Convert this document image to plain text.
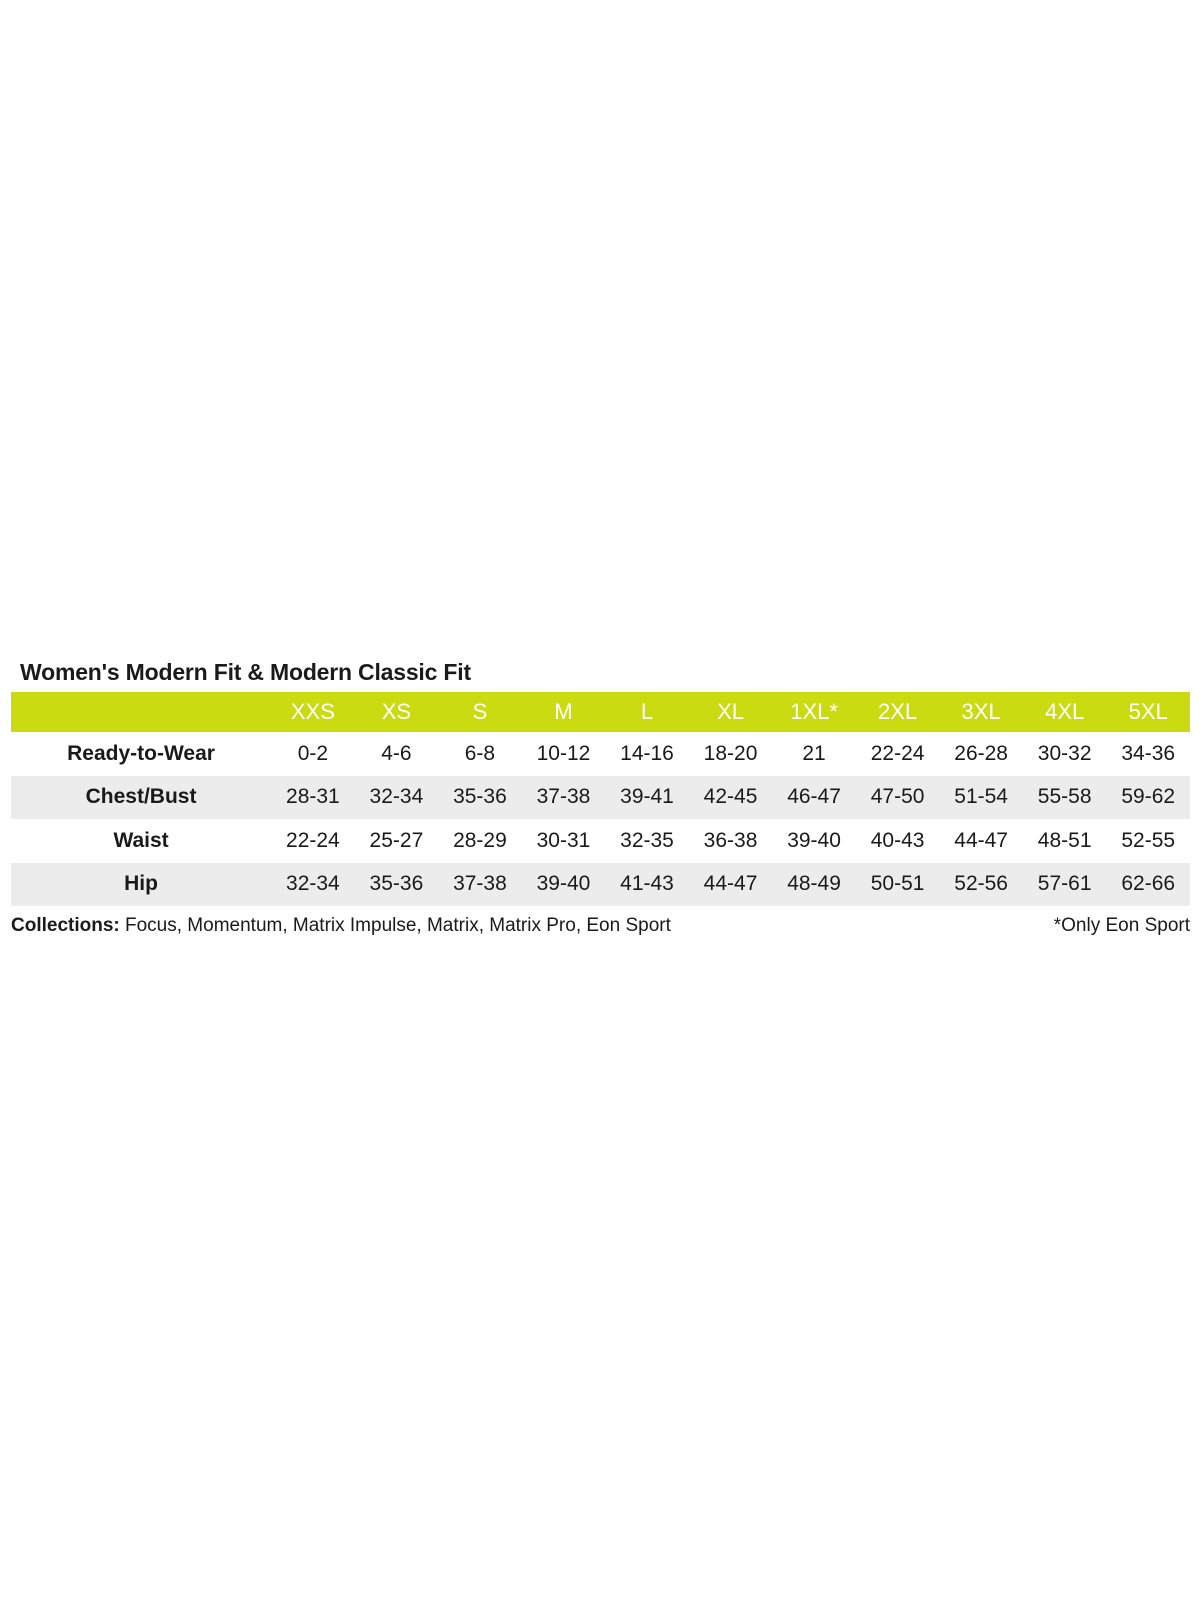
Women's Modern Fit & Modern Classic Fit
	XXS	XS	S	M	L	XL	1XL*	2XL	3XL	4XL	5XL
Ready-to-Wear	0-2	4-6	6-8	10-12	14-16	18-20	21	22-24	26-28	30-32	34-36
Chest/Bust	28-31	32-34	35-36	37-38	39-41	42-45	46-47	47-50	51-54	55-58	59-62
Waist	22-24	25-27	28-29	30-31	32-35	36-38	39-40	40-43	44-47	48-51	52-55
Hip	32-34	35-36	37-38	39-40	41-43	44-47	48-49	50-51	52-56	57-61	62-66
Collections: Focus, Momentum, Matrix Impulse, Matrix, Matrix Pro, Eon Sport	*Only Eon Sport
